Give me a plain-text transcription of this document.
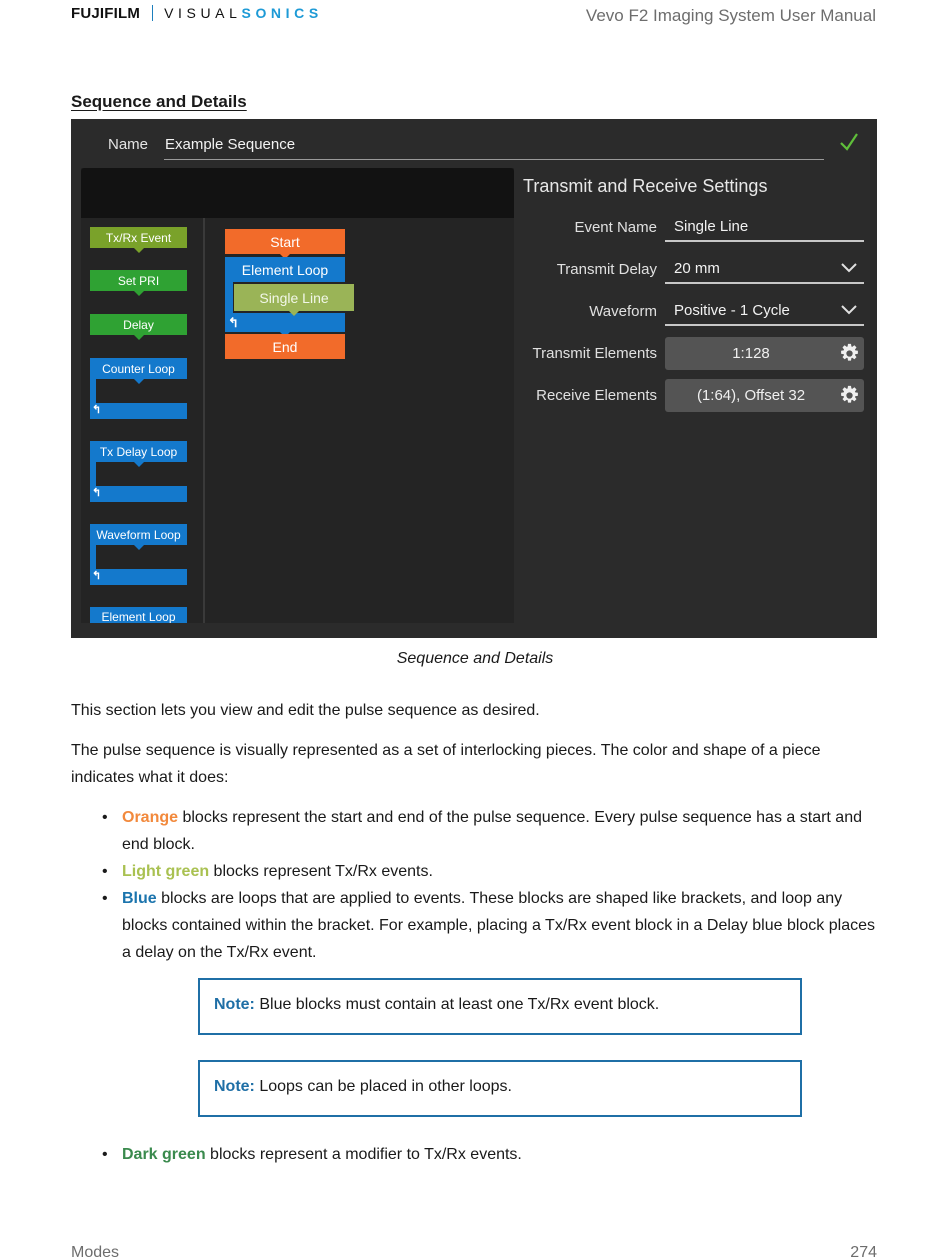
FUJIFILM VISUAL SONICS	Vevo F2 Imaging System User Manual
Sequence and Details
Name Example Sequence
Tx/Rx Event
Set PRI
Delay
Counter Loop
↰
Tx Delay Loop
↰
Waveform Loop
↰
Element Loop
Start
Element Loop
↰
Single Line
End
Transmit and Receive Settings
Event Name	Single Line
Transmit Delay	20 mm
Waveform	Positive - 1 Cycle
Transmit Elements	1:128
Receive Elements	(1:64), Offset 32
Sequence and Details
This section lets you view and edit the pulse sequence as desired.
The pulse sequence is visually represented as a set of interlocking pieces. The color and shape of a piece indicates what it does:
• Orange blocks represent the start and end of the pulse sequence. Every pulse sequence has a start and end block.
• Light green blocks represent Tx/Rx events.
• Blue blocks are loops that are applied to events. These blocks are shaped like brackets, and loop any blocks contained within the bracket. For example, placing a Tx/Rx event block in a Delay blue block places a delay on the Tx/Rx event.
Note: Blue blocks must contain at least one Tx/Rx event block.
Note: Loops can be placed in other loops.
• Dark green blocks represent a modifier to Tx/Rx events.
Modes	274
